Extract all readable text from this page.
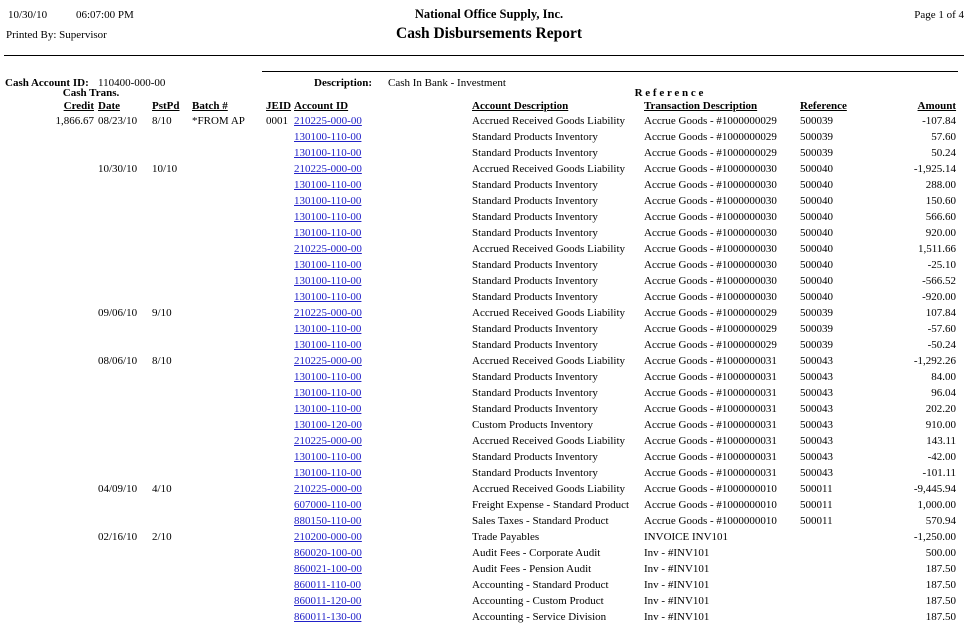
10/30/10	06:07:00 PM	National Office Supply, Inc.	Page 1 of 4
Printed By: Supervisor	Cash Disbursements Report
Cash Account ID: 110400-000-00	Description: Cash In Bank - Investment
Cash Trans.						R e f e r e n c e			
Credit	Date	PstPd	Batch #	JEID	Account ID	Account Description	Transaction Description	Reference	Amount
1,866.67	08/23/10	8/10	*FROM AP	0001	210225-000-00	Accrued Received Goods Liability	Accrue Goods - #1000000029	500039	-107.84
					130100-110-00	Standard Products Inventory	Accrue Goods - #1000000029	500039	57.60
					130100-110-00	Standard Products Inventory	Accrue Goods - #1000000029	500039	50.24
	10/30/10	10/10			210225-000-00	Accrued Received Goods Liability	Accrue Goods - #1000000030	500040	-1,925.14
					130100-110-00	Standard Products Inventory	Accrue Goods - #1000000030	500040	288.00
					130100-110-00	Standard Products Inventory	Accrue Goods - #1000000030	500040	150.60
					130100-110-00	Standard Products Inventory	Accrue Goods - #1000000030	500040	566.60
					130100-110-00	Standard Products Inventory	Accrue Goods - #1000000030	500040	920.00
					210225-000-00	Accrued Received Goods Liability	Accrue Goods - #1000000030	500040	1,511.66
					130100-110-00	Standard Products Inventory	Accrue Goods - #1000000030	500040	-25.10
					130100-110-00	Standard Products Inventory	Accrue Goods - #1000000030	500040	-566.52
					130100-110-00	Standard Products Inventory	Accrue Goods - #1000000030	500040	-920.00
	09/06/10	9/10			210225-000-00	Accrued Received Goods Liability	Accrue Goods - #1000000029	500039	107.84
					130100-110-00	Standard Products Inventory	Accrue Goods - #1000000029	500039	-57.60
					130100-110-00	Standard Products Inventory	Accrue Goods - #1000000029	500039	-50.24
	08/06/10	8/10			210225-000-00	Accrued Received Goods Liability	Accrue Goods - #1000000031	500043	-1,292.26
					130100-110-00	Standard Products Inventory	Accrue Goods - #1000000031	500043	84.00
					130100-110-00	Standard Products Inventory	Accrue Goods - #1000000031	500043	96.04
					130100-110-00	Standard Products Inventory	Accrue Goods - #1000000031	500043	202.20
					130100-120-00	Custom Products Inventory	Accrue Goods - #1000000031	500043	910.00
					210225-000-00	Accrued Received Goods Liability	Accrue Goods - #1000000031	500043	143.11
					130100-110-00	Standard Products Inventory	Accrue Goods - #1000000031	500043	-42.00
					130100-110-00	Standard Products Inventory	Accrue Goods - #1000000031	500043	-101.11
	04/09/10	4/10			210225-000-00	Accrued Received Goods Liability	Accrue Goods - #1000000010	500011	-9,445.94
					607000-110-00	Freight Expense - Standard Product	Accrue Goods - #1000000010	500011	1,000.00
					880150-110-00	Sales Taxes - Standard Product	Accrue Goods - #1000000010	500011	570.94
	02/16/10	2/10			210200-000-00	Trade Payables	INVOICE INV101		-1,250.00
					860020-100-00	Audit Fees - Corporate Audit	Inv - #INV101		500.00
					860021-100-00	Audit Fees - Pension Audit	Inv - #INV101		187.50
					860011-110-00	Accounting - Standard Product	Inv - #INV101		187.50
					860011-120-00	Accounting - Custom Product	Inv - #INV101		187.50
					860011-130-00	Accounting - Service Division	Inv - #INV101		187.50
